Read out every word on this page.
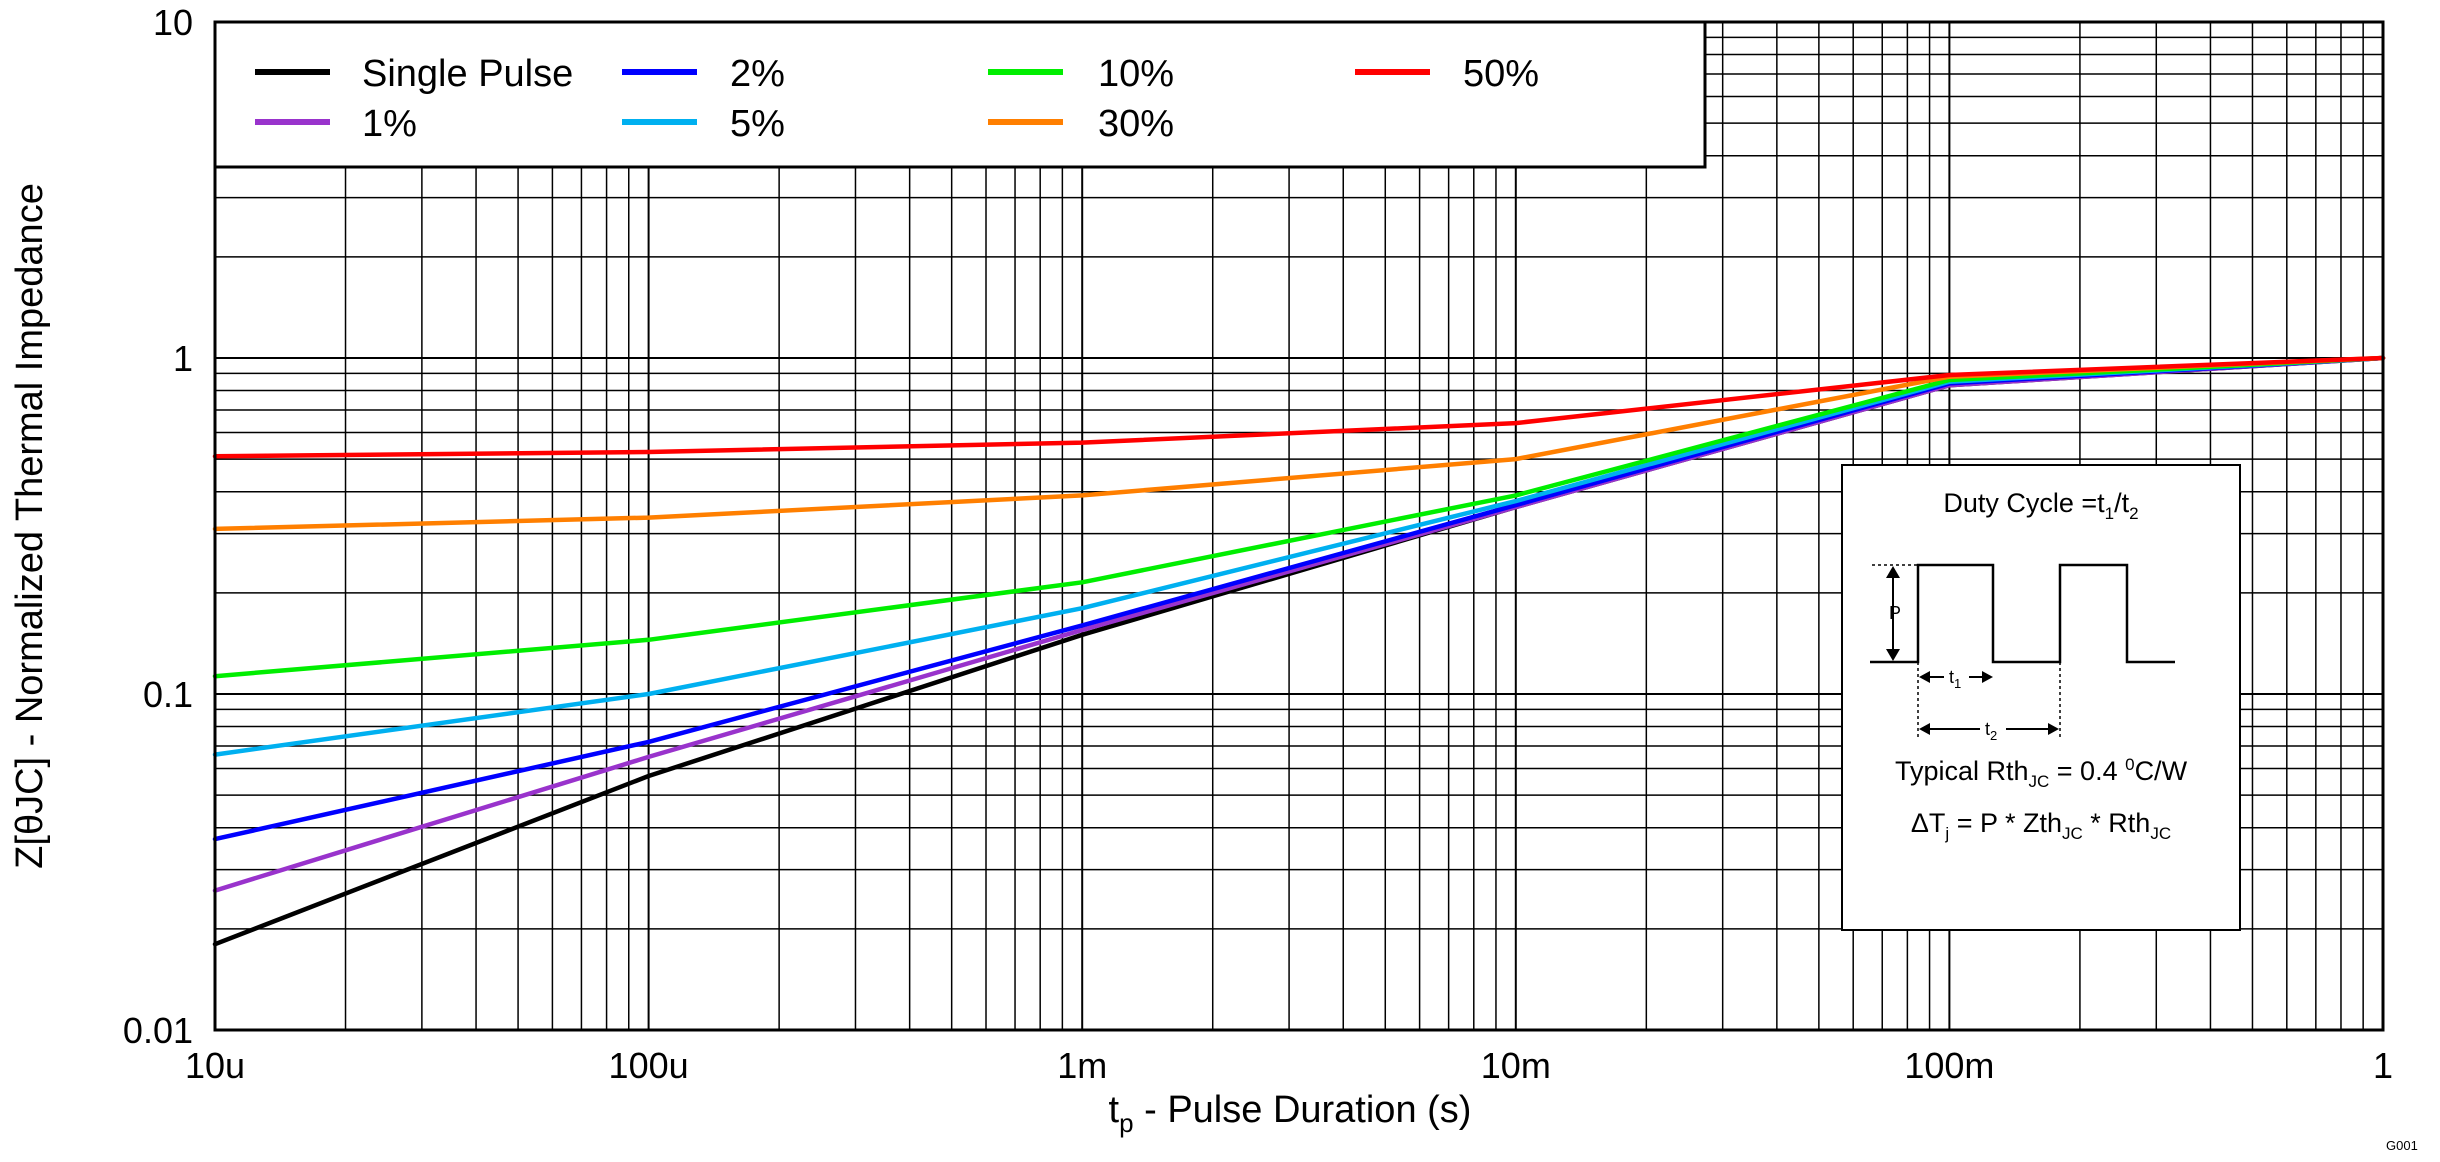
10u	100u	1m	10m	100m	1
10
1
0.1
0.01
$t_p$ - Pulse Duration (s)
Z[θJC] - Normalized Thermal Impedance
Single Pulse
1%
2%
5%
10%
30%
50%
Duty Cycle $=t_1/t_2$
P
$t_1$
$t_2$
Typical Rth$_{JC}$ = 0.4 $^0$C/W
$\Delta T_j = P * Zth_{JC} * Rth_{JC}$
G001
